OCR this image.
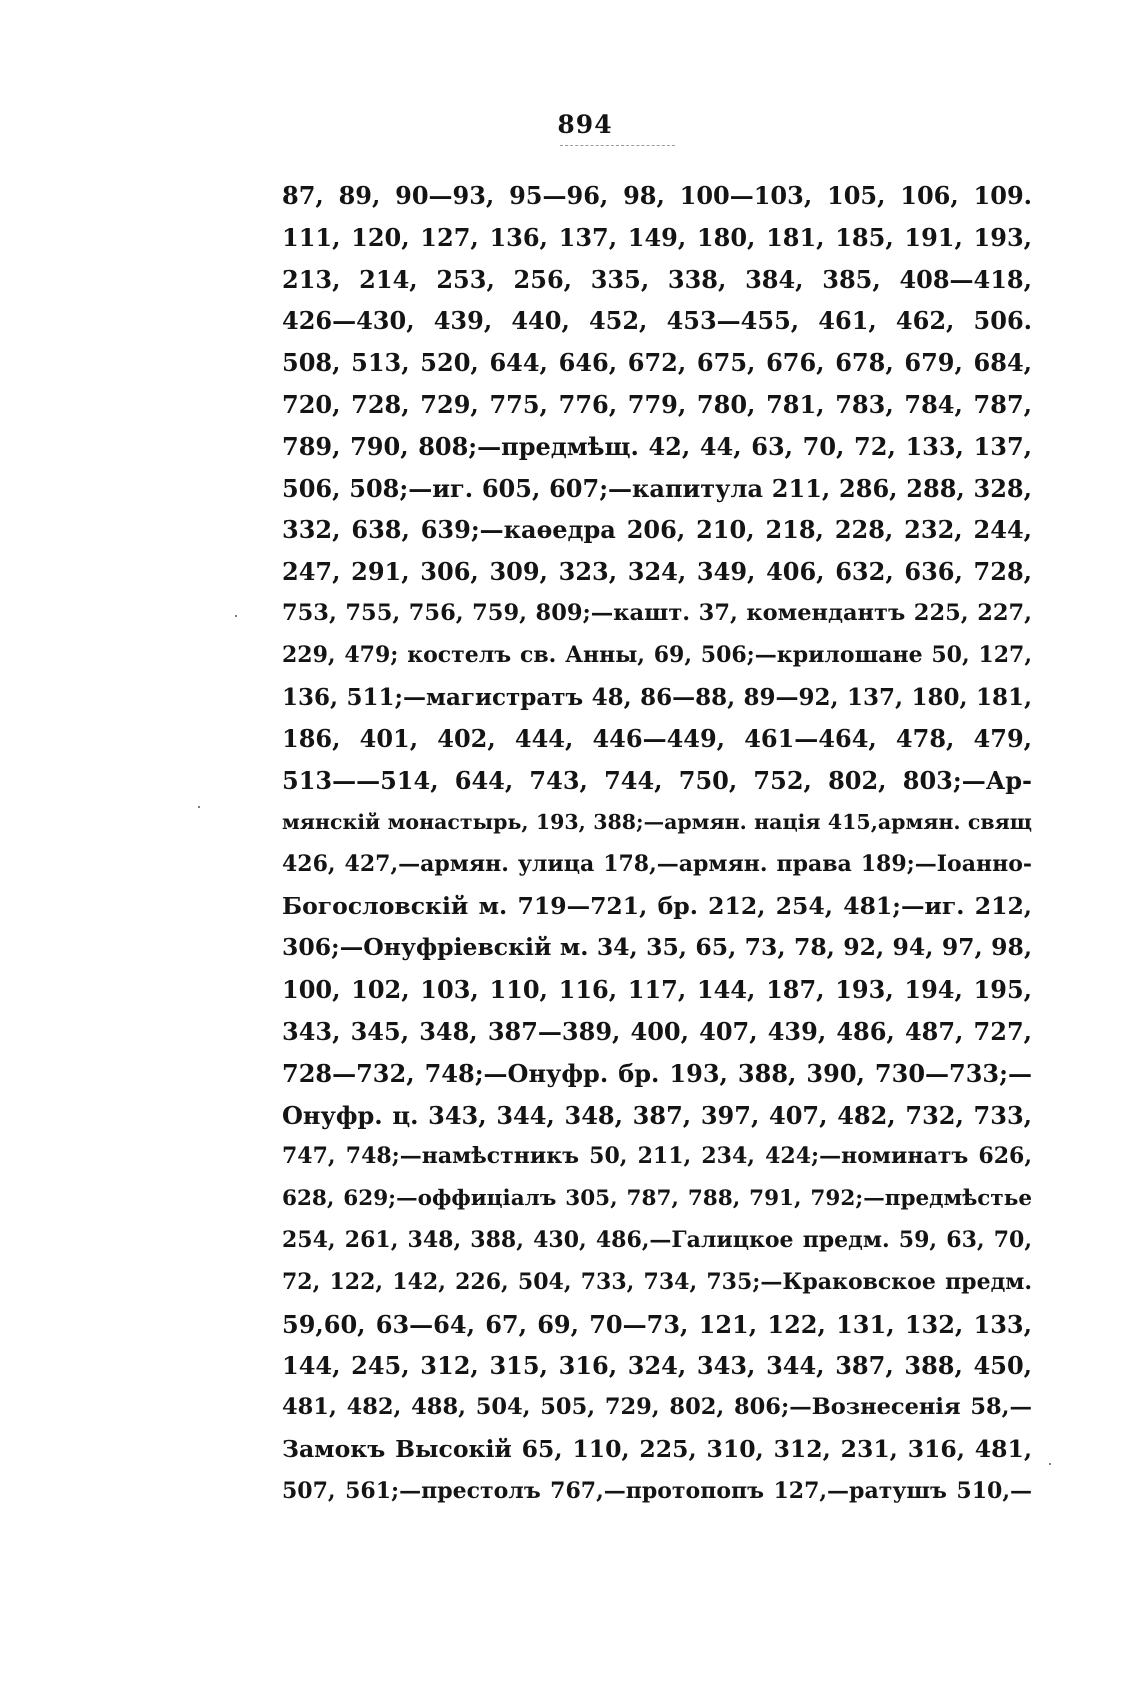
894
87, 89, 90—93, 95—96, 98, 100—103, 105, 106, 109.
111, 120, 127, 136, 137, 149, 180, 181, 185, 191, 193,
213, 214, 253, 256, 335, 338, 384, 385, 408—418,
426—430, 439, 440, 452, 453—455, 461, 462, 506.
508, 513, 520, 644, 646, 672, 675, 676, 678, 679, 684,
720, 728, 729, 775, 776, 779, 780, 781, 783, 784, 787,
789, 790, 808;—предмѣщ. 42, 44, 63, 70, 72, 133, 137,
506, 508;—иг. 605, 607;—капитула 211, 286, 288, 328,
332, 638, 639;—каѳедра 206, 210, 218, 228, 232, 244,
247, 291, 306, 309, 323, 324, 349, 406, 632, 636, 728,
753, 755, 756, 759, 809;—кашт. 37, комендантъ 225, 227,
229, 479; костелъ св. Анны, 69, 506;—крилошане 50, 127,
136, 511;—магистратъ 48, 86—88, 89—92, 137, 180, 181,
186, 401, 402, 444, 446—449, 461—464, 478, 479,
513——514, 644, 743, 744, 750, 752, 802, 803;—Ар-
мянскій монастырь, 193, 388;—армян. нація 415,армян. свящ
426, 427,—армян. улица 178,—армян. права 189;—Іоанно-
Богословскій м. 719—721, бр. 212, 254, 481;—иг. 212,
306;—Онуфріевскій м. 34, 35, 65, 73, 78, 92, 94, 97, 98,
100, 102, 103, 110, 116, 117, 144, 187, 193, 194, 195,
343, 345, 348, 387—389, 400, 407, 439, 486, 487, 727,
728—732, 748;—Онуфр. бр. 193, 388, 390, 730—733;—
Онуфр. ц. 343, 344, 348, 387, 397, 407, 482, 732, 733,
747, 748;—намѣстникъ 50, 211, 234, 424;—номинатъ 626,
628, 629;—оффиціалъ 305, 787, 788, 791, 792;—предмѣстье
254, 261, 348, 388, 430, 486,—Галицкое предм. 59, 63, 70,
72, 122, 142, 226, 504, 733, 734, 735;—Краковское предм.
59,60, 63—64, 67, 69, 70—73, 121, 122, 131, 132, 133,
144, 245, 312, 315, 316, 324, 343, 344, 387, 388, 450,
481, 482, 488, 504, 505, 729, 802, 806;—Вознесенія 58,—
Замокъ Высокій 65, 110, 225, 310, 312, 231, 316, 481,
507, 561;—престолъ 767,—протопопъ 127,—ратушъ 510,—
